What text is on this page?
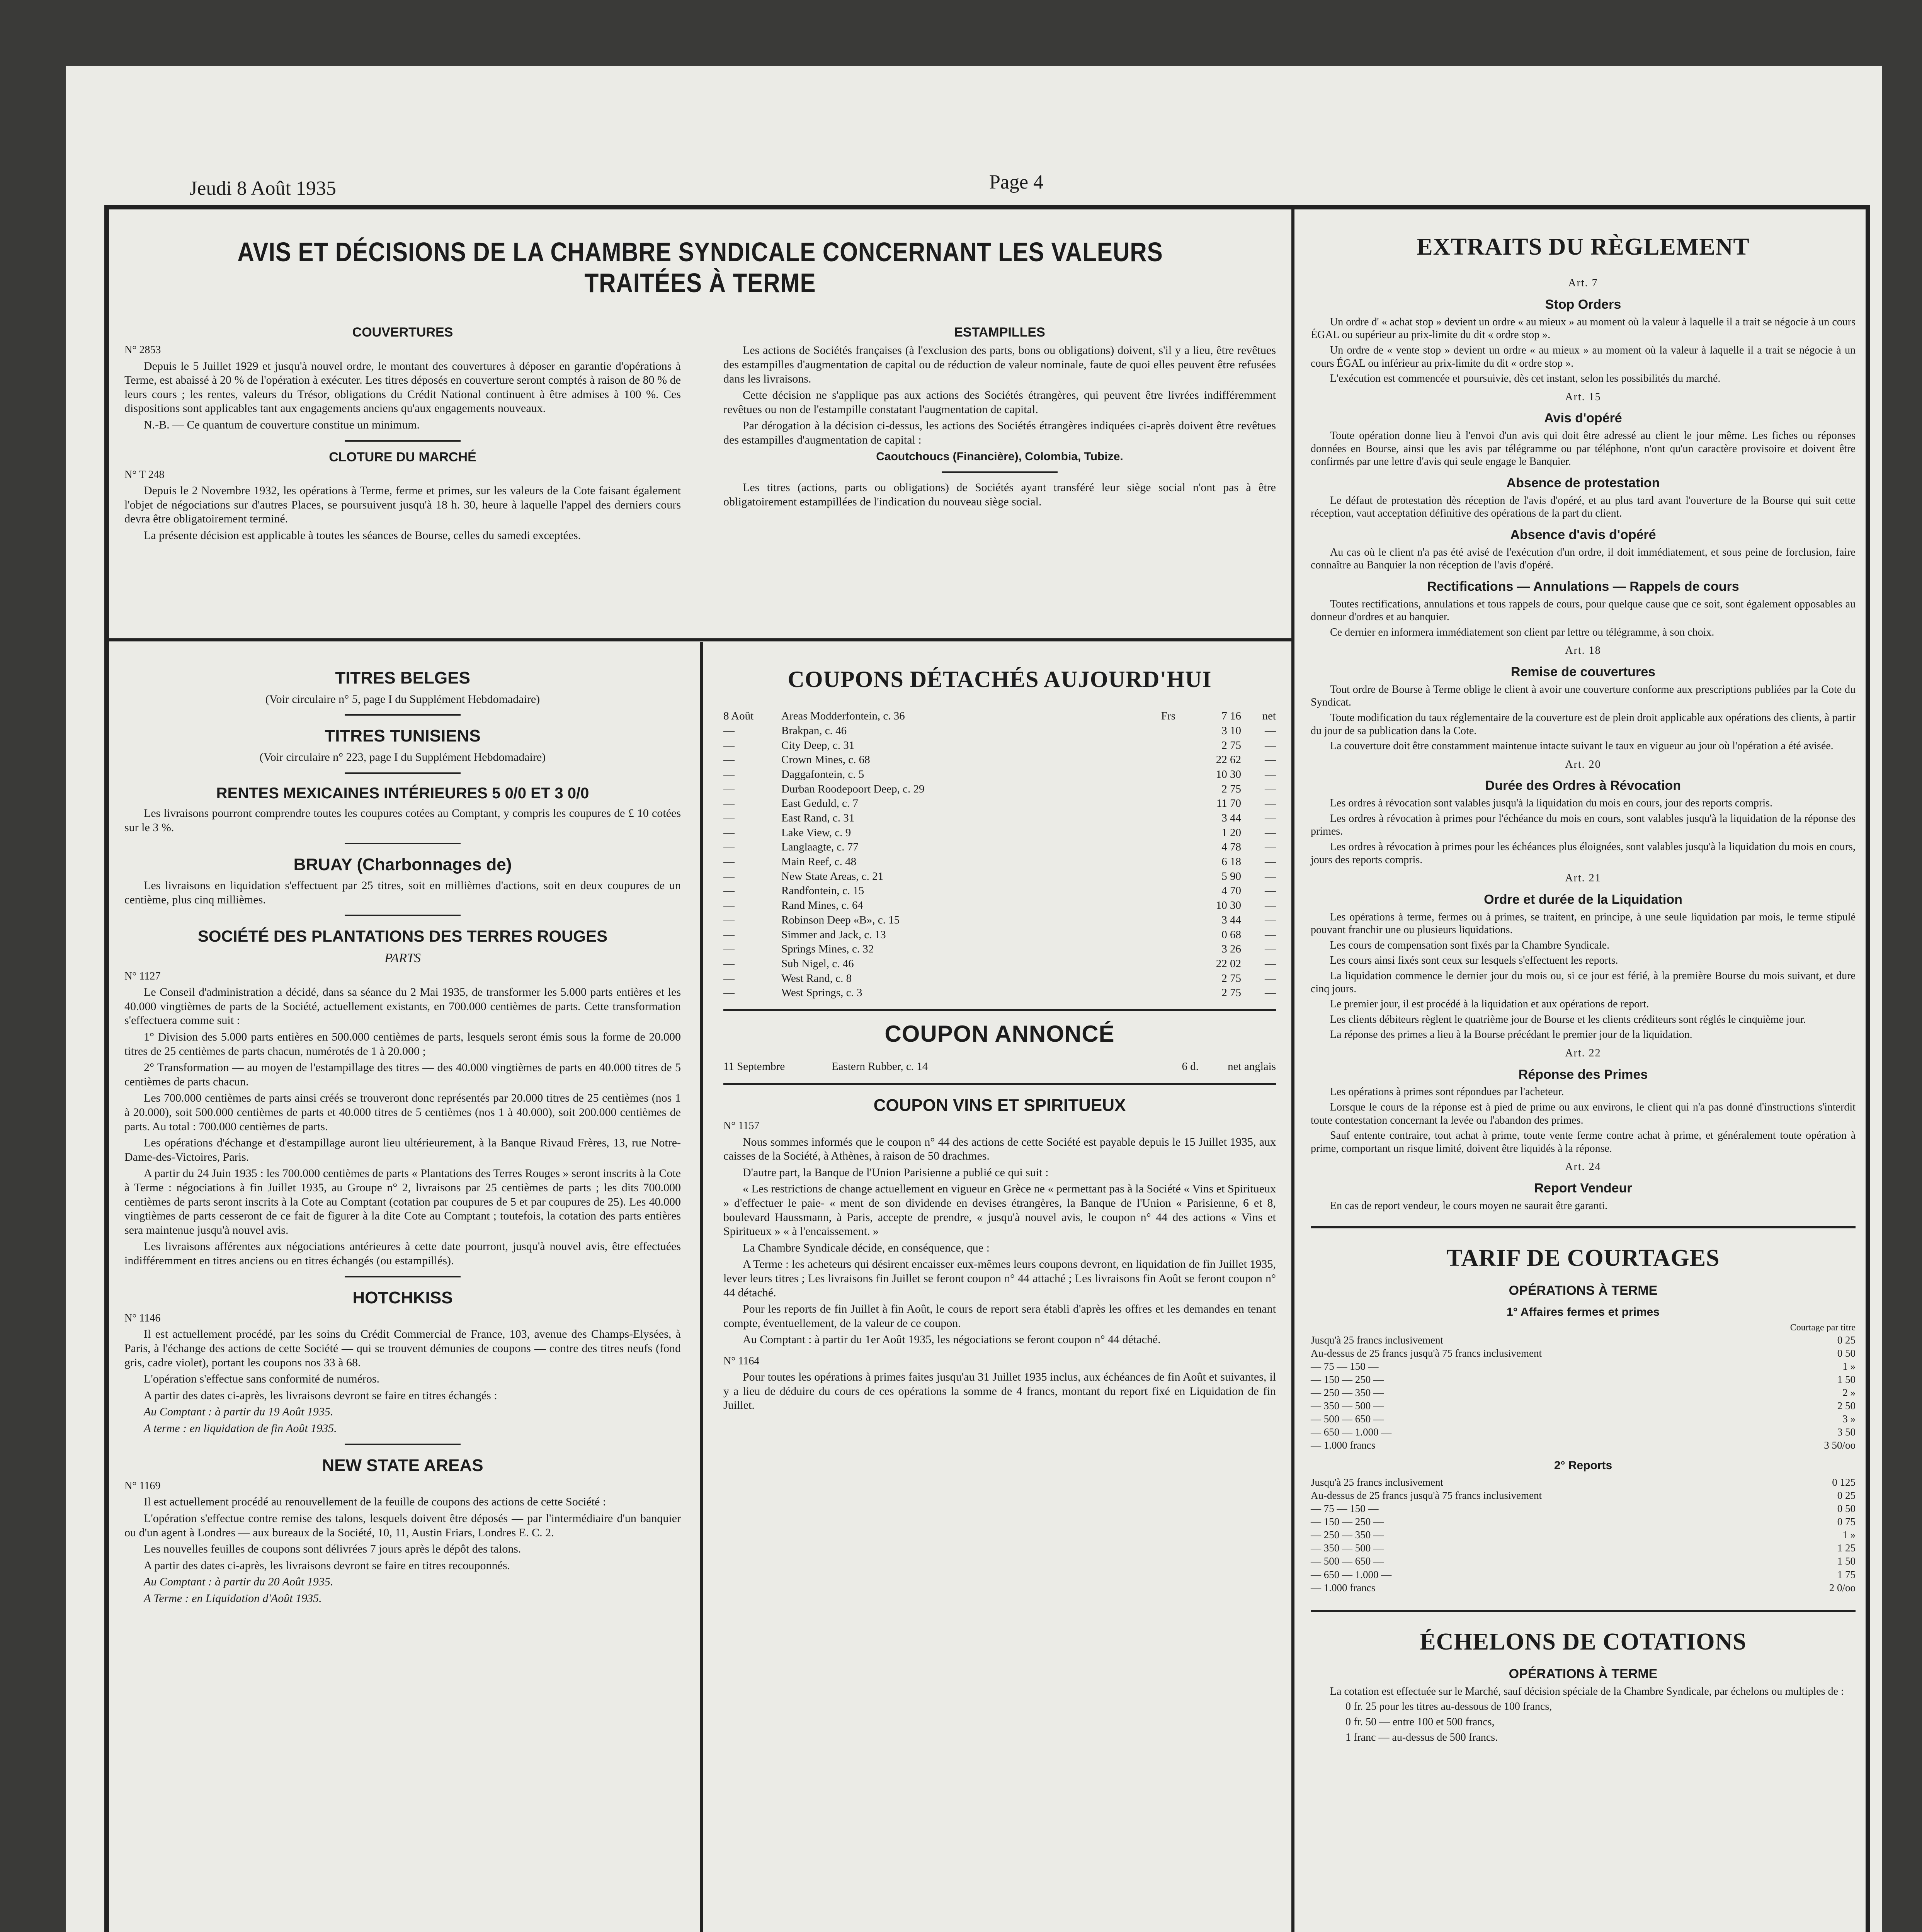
Jeudi 8 Août 1935	Page 4
AVIS ET DÉCISIONS DE LA CHAMBRE SYNDICALE CONCERNANT LES VALEURS TRAITÉES À TERME
COUVERTURES
N° 2853

Depuis le 5 Juillet 1929 et jusqu'à nouvel ordre, le montant des couvertures à déposer en garantie d'opérations à Terme, est abaissé à 20 % de l'opération à exécuter. Les titres déposés en couverture seront comptés à raison de 80 % de leurs cours ; les rentes, valeurs du Trésor, obligations du Crédit National continuent à être admises à 100 %. Ces dispositions sont applicables tant aux engagements anciens qu'aux engagements nouveaux.

N.-B. — Ce quantum de couverture constitue un minimum.

CLOTURE DU MARCHÉ
N° T 248

Depuis le 2 Novembre 1932, les opérations à Terme, ferme et primes, sur les valeurs de la Cote faisant également l'objet de négociations sur d'autres Places, se poursuivent jusqu'à 18 h. 30, heure à laquelle l'appel des derniers cours devra être obligatoirement terminé.

La présente décision est applicable à toutes les séances de Bourse, celles du samedi exceptées.

ESTAMPILLES

Les actions de Sociétés françaises (à l'exclusion des parts, bons ou obligations) doivent, s'il y a lieu, être revêtues des estampilles d'augmentation de capital ou de réduction de valeur nominale, faute de quoi elles peuvent être refusées dans les livraisons.

Cette décision ne s'applique pas aux actions des Sociétés étrangères, qui peuvent être livrées indifféremment revêtues ou non de l'estampille constatant l'augmentation de capital.

Par dérogation à la décision ci-dessus, les actions des Sociétés étrangères indiquées ci-après doivent être revêtues des estampilles d'augmentation de capital :

Caoutchoucs (Financière), Colombia, Tubize.

Les titres (actions, parts ou obligations) de Sociétés ayant transféré leur siège social n'ont pas à être obligatoirement estampillées de l'indication du nouveau siège social.

TITRES BELGES

(Voir circulaire n° 5, page I du Supplément Hebdomadaire)

TITRES TUNISIENS

(Voir circulaire n° 223, page I du Supplément Hebdomadaire)

RENTES MEXICAINES INTÉRIEURES 5 0/0 ET 3 0/0

Les livraisons pourront comprendre toutes les coupures cotées au Comptant, y compris les coupures de £ 10 cotées sur le 3 %.

BRUAY (Charbonnages de)

Les livraisons en liquidation s'effectuent par 25 titres, soit en millièmes d'actions, soit en deux coupures de un centième, plus cinq millièmes.

SOCIÉTÉ DES PLANTATIONS DES TERRES ROUGES
PARTS
N° 1127

Le Conseil d'administration a décidé, dans sa séance du 2 Mai 1935, de transformer les 5.000 parts entières et les 40.000 vingtièmes de parts de la Société, actuellement existants, en 700.000 centièmes de parts. Cette transformation s'effectuera comme suit :

1° Division des 5.000 parts entières en 500.000 centièmes de parts, lesquels seront émis sous la forme de 20.000 titres de 25 centièmes de parts chacun, numérotés de 1 à 20.000 ;

2° Transformation — au moyen de l'estampillage des titres — des 40.000 vingtièmes de parts en 40.000 titres de 5 centièmes de parts chacun.

Les 700.000 centièmes de parts ainsi créés se trouveront donc représentés par 20.000 titres de 25 centièmes (nos 1 à 20.000), soit 500.000 centièmes de parts et 40.000 titres de 5 centièmes (nos 1 à 40.000), soit 200.000 centièmes de parts. Au total : 700.000 centièmes de parts.

Les opérations d'échange et d'estampillage auront lieu ultérieurement, à la Banque Rivaud Frères, 13, rue Notre-Dame-des-Victoires, Paris.

A partir du 24 Juin 1935 : les 700.000 centièmes de parts « Plantations des Terres Rouges » seront inscrits à la Cote à Terme : négociations à fin Juillet 1935, au Groupe n° 2, livraisons par 25 centièmes de parts ; les dits 700.000 centièmes de parts seront inscrits à la Cote au Comptant (cotation par coupures de 5 et par coupures de 25). Les 40.000 vingtièmes de parts cesseront de ce fait de figurer à la dite Cote au Comptant ; toutefois, la cotation des parts entières sera maintenue jusqu'à nouvel avis.

Les livraisons afférentes aux négociations antérieures à cette date pourront, jusqu'à nouvel avis, être effectuées indifféremment en titres anciens ou en titres échangés (ou estampillés).

HOTCHKISS
N° 1146

Il est actuellement procédé, par les soins du Crédit Commercial de France, 103, avenue des Champs-Elysées, à Paris, à l'échange des actions de cette Société — qui se trouvent démunies de coupons — contre des titres neufs (fond gris, cadre violet), portant les coupons nos 33 à 68.

L'opération s'effectue sans conformité de numéros.

A partir des dates ci-après, les livraisons devront se faire en titres échangés :

Au Comptant : à partir du 19 Août 1935.

A terme : en liquidation de fin Août 1935.

NEW STATE AREAS
N° 1169

Il est actuellement procédé au renouvellement de la feuille de coupons des actions de cette Société :

L'opération s'effectue contre remise des talons, lesquels doivent être déposés — par l'intermédiaire d'un banquier ou d'un agent à Londres — aux bureaux de la Société, 10, 11, Austin Friars, Londres E. C. 2.

Les nouvelles feuilles de coupons sont délivrées 7 jours après le dépôt des talons.

A partir des dates ci-après, les livraisons devront se faire en titres recouponnés.

Au Comptant : à partir du 20 Août 1935.

A Terme : en Liquidation d'Août 1935.

COUPONS DÉTACHÉS AUJOURD'HUI
8 Août	Areas Modderfontein, c. 36	Frs	7 16	net
—	Brakpan, c. 46	3 10	—
—	City Deep, c. 31	2 75	—
—	Crown Mines, c. 68	22 62	—
—	Daggafontein, c. 5	10 30	—
—	Durban Roodepoort Deep, c. 29	2 75	—
—	East Geduld, c. 7	11 70	—
—	East Rand, c. 31	3 44	—
—	Lake View, c. 9	1 20	—
—	Langlaagte, c. 77	4 78	—
—	Main Reef, c. 48	6 18	—
—	New State Areas, c. 21	5 90	—
—	Randfontein, c. 15	4 70	—
—	Rand Mines, c. 64	10 30	—
—	Robinson Deep «B», c. 15	3 44	—
—	Simmer and Jack, c. 13	0 68	—
—	Springs Mines, c. 32	3 26	—
—	Sub Nigel, c. 46	22 02	—
—	West Rand, c. 8	2 75	—
—	West Springs, c. 3	2 75	—
COUPON ANNONCÉ
11 Septembre	Eastern Rubber, c. 14	6 d.	net anglais
COUPON VINS ET SPIRITUEUX
N° 1157

Nous sommes informés que le coupon n° 44 des actions de cette Société est payable depuis le 15 Juillet 1935, aux caisses de la Société, à Athènes, à raison de 50 drachmes.

D'autre part, la Banque de l'Union Parisienne a publié ce qui suit :

« Les restrictions de change actuellement en vigueur en Grèce ne « permettant pas à la Société « Vins et Spiritueux » d'effectuer le paie- « ment de son dividende en devises étrangères, la Banque de l'Union « Parisienne, 6 et 8, boulevard Haussmann, à Paris, accepte de prendre, « jusqu'à nouvel avis, le coupon n° 44 des actions « Vins et Spiritueux » « à l'encaissement. »

La Chambre Syndicale décide, en conséquence, que :

A Terme : les acheteurs qui désirent encaisser eux-mêmes leurs coupons devront, en liquidation de fin Juillet 1935, lever leurs titres ; Les livraisons fin Juillet se feront coupon n° 44 attaché ; Les livraisons fin Août se feront coupon n° 44 détaché.

Pour les reports de fin Juillet à fin Août, le cours de report sera établi d'après les offres et les demandes en tenant compte, éventuellement, de la valeur de ce coupon.

Au Comptant : à partir du 1er Août 1935, les négociations se feront coupon n° 44 détaché.

N° 1164

Pour toutes les opérations à primes faites jusqu'au 31 Juillet 1935 inclus, aux échéances de fin Août et suivantes, il y a lieu de déduire du cours de ces opérations la somme de 4 francs, montant du report fixé en Liquidation de fin Juillet.

EXTRAITS DU RÈGLEMENT
Art. 7
Stop Orders

Un ordre d' « achat stop » devient un ordre « au mieux » au moment où la valeur à laquelle il a trait se négocie à un cours ÉGAL ou supérieur au prix-limite du dit « ordre stop ».

Un ordre de « vente stop » devient un ordre « au mieux » au moment où la valeur à laquelle il a trait se négocie à un cours ÉGAL ou inférieur au prix-limite du dit « ordre stop ».

L'exécution est commencée et poursuivie, dès cet instant, selon les possibilités du marché.

Art. 15
Avis d'opéré

Toute opération donne lieu à l'envoi d'un avis qui doit être adressé au client le jour même. Les fiches ou réponses données en Bourse, ainsi que les avis par télégramme ou par téléphone, n'ont qu'un caractère provisoire et doivent être confirmés par une lettre d'avis qui seule engage le Banquier.

Absence de protestation

Le défaut de protestation dès réception de l'avis d'opéré, et au plus tard avant l'ouverture de la Bourse qui suit cette réception, vaut acceptation définitive des opérations de la part du client.

Absence d'avis d'opéré

Au cas où le client n'a pas été avisé de l'exécution d'un ordre, il doit immédiatement, et sous peine de forclusion, faire connaître au Banquier la non réception de l'avis d'opéré.

Rectifications — Annulations — Rappels de cours

Toutes rectifications, annulations et tous rappels de cours, pour quelque cause que ce soit, sont également opposables au donneur d'ordres et au banquier.

Ce dernier en informera immédiatement son client par lettre ou télégramme, à son choix.

Art. 18
Remise de couvertures

Tout ordre de Bourse à Terme oblige le client à avoir une couverture conforme aux prescriptions publiées par la Cote du Syndicat.

Toute modification du taux réglementaire de la couverture est de plein droit applicable aux opérations des clients, à partir du jour de sa publication dans la Cote.

La couverture doit être constamment maintenue intacte suivant le taux en vigueur au jour où l'opération a été avisée.

Art. 20
Durée des Ordres à Révocation

Les ordres à révocation sont valables jusqu'à la liquidation du mois en cours, jour des reports compris.

Les ordres à révocation à primes pour l'échéance du mois en cours, sont valables jusqu'à la liquidation de la réponse des primes.

Les ordres à révocation à primes pour les échéances plus éloignées, sont valables jusqu'à la liquidation du mois en cours, jours des reports compris.

Art. 21
Ordre et durée de la Liquidation

Les opérations à terme, fermes ou à primes, se traitent, en principe, à une seule liquidation par mois, le terme stipulé pouvant franchir une ou plusieurs liquidations.

Les cours de compensation sont fixés par la Chambre Syndicale.

Les cours ainsi fixés sont ceux sur lesquels s'effectuent les reports.

La liquidation commence le dernier jour du mois ou, si ce jour est férié, à la première Bourse du mois suivant, et dure cinq jours.

Le premier jour, il est procédé à la liquidation et aux opérations de report.

Les clients débiteurs règlent le quatrième jour de Bourse et les clients créditeurs sont réglés le cinquième jour.

La réponse des primes a lieu à la Bourse précédant le premier jour de la liquidation.

Art. 22
Réponse des Primes

Les opérations à primes sont répondues par l'acheteur.

Lorsque le cours de la réponse est à pied de prime ou aux environs, le client qui n'a pas donné d'instructions s'interdit toute contestation concernant la levée ou l'abandon des primes.

Sauf entente contraire, tout achat à prime, toute vente ferme contre achat à prime, et généralement toute opération à prime, comportant un risque limité, doivent être liquidés à la réponse.

Art. 24
Report Vendeur

En cas de report vendeur, le cours moyen ne saurait être garanti.

TARIF DE COURTAGES
OPÉRATIONS À TERME
1° Affaires fermes et primes
Courtage par titre
Jusqu'à 25 francs inclusivement	0 25
Au-dessus de 25 francs jusqu'à 75 francs inclusivement	0 50
— 75 — 150 —	1 »
— 150 — 250 —	1 50
— 250 — 350 —	2 »
— 350 — 500 —	2 50
— 500 — 650 —	3 »
— 650 — 1.000 —	3 50
— 1.000 francs	3 50/oo
2° Reports
Jusqu'à 25 francs inclusivement	0 125
Au-dessus de 25 francs jusqu'à 75 francs inclusivement	0 25
— 75 — 150 —	0 50
— 150 — 250 —	0 75
— 250 — 350 —	1 »
— 350 — 500 —	1 25
— 500 — 650 —	1 50
— 650 — 1.000 —	1 75
— 1.000 francs	2 0/oo
ÉCHELONS DE COTATIONS
OPÉRATIONS À TERME

La cotation est effectuée sur le Marché, sauf décision spéciale de la Chambre Syndicale, par échelons ou multiples de :

0 fr. 25 pour les titres au-dessous de 100 francs,

0 fr. 50 — entre 100 et 500 francs,

1 franc — au-dessus de 500 francs.
